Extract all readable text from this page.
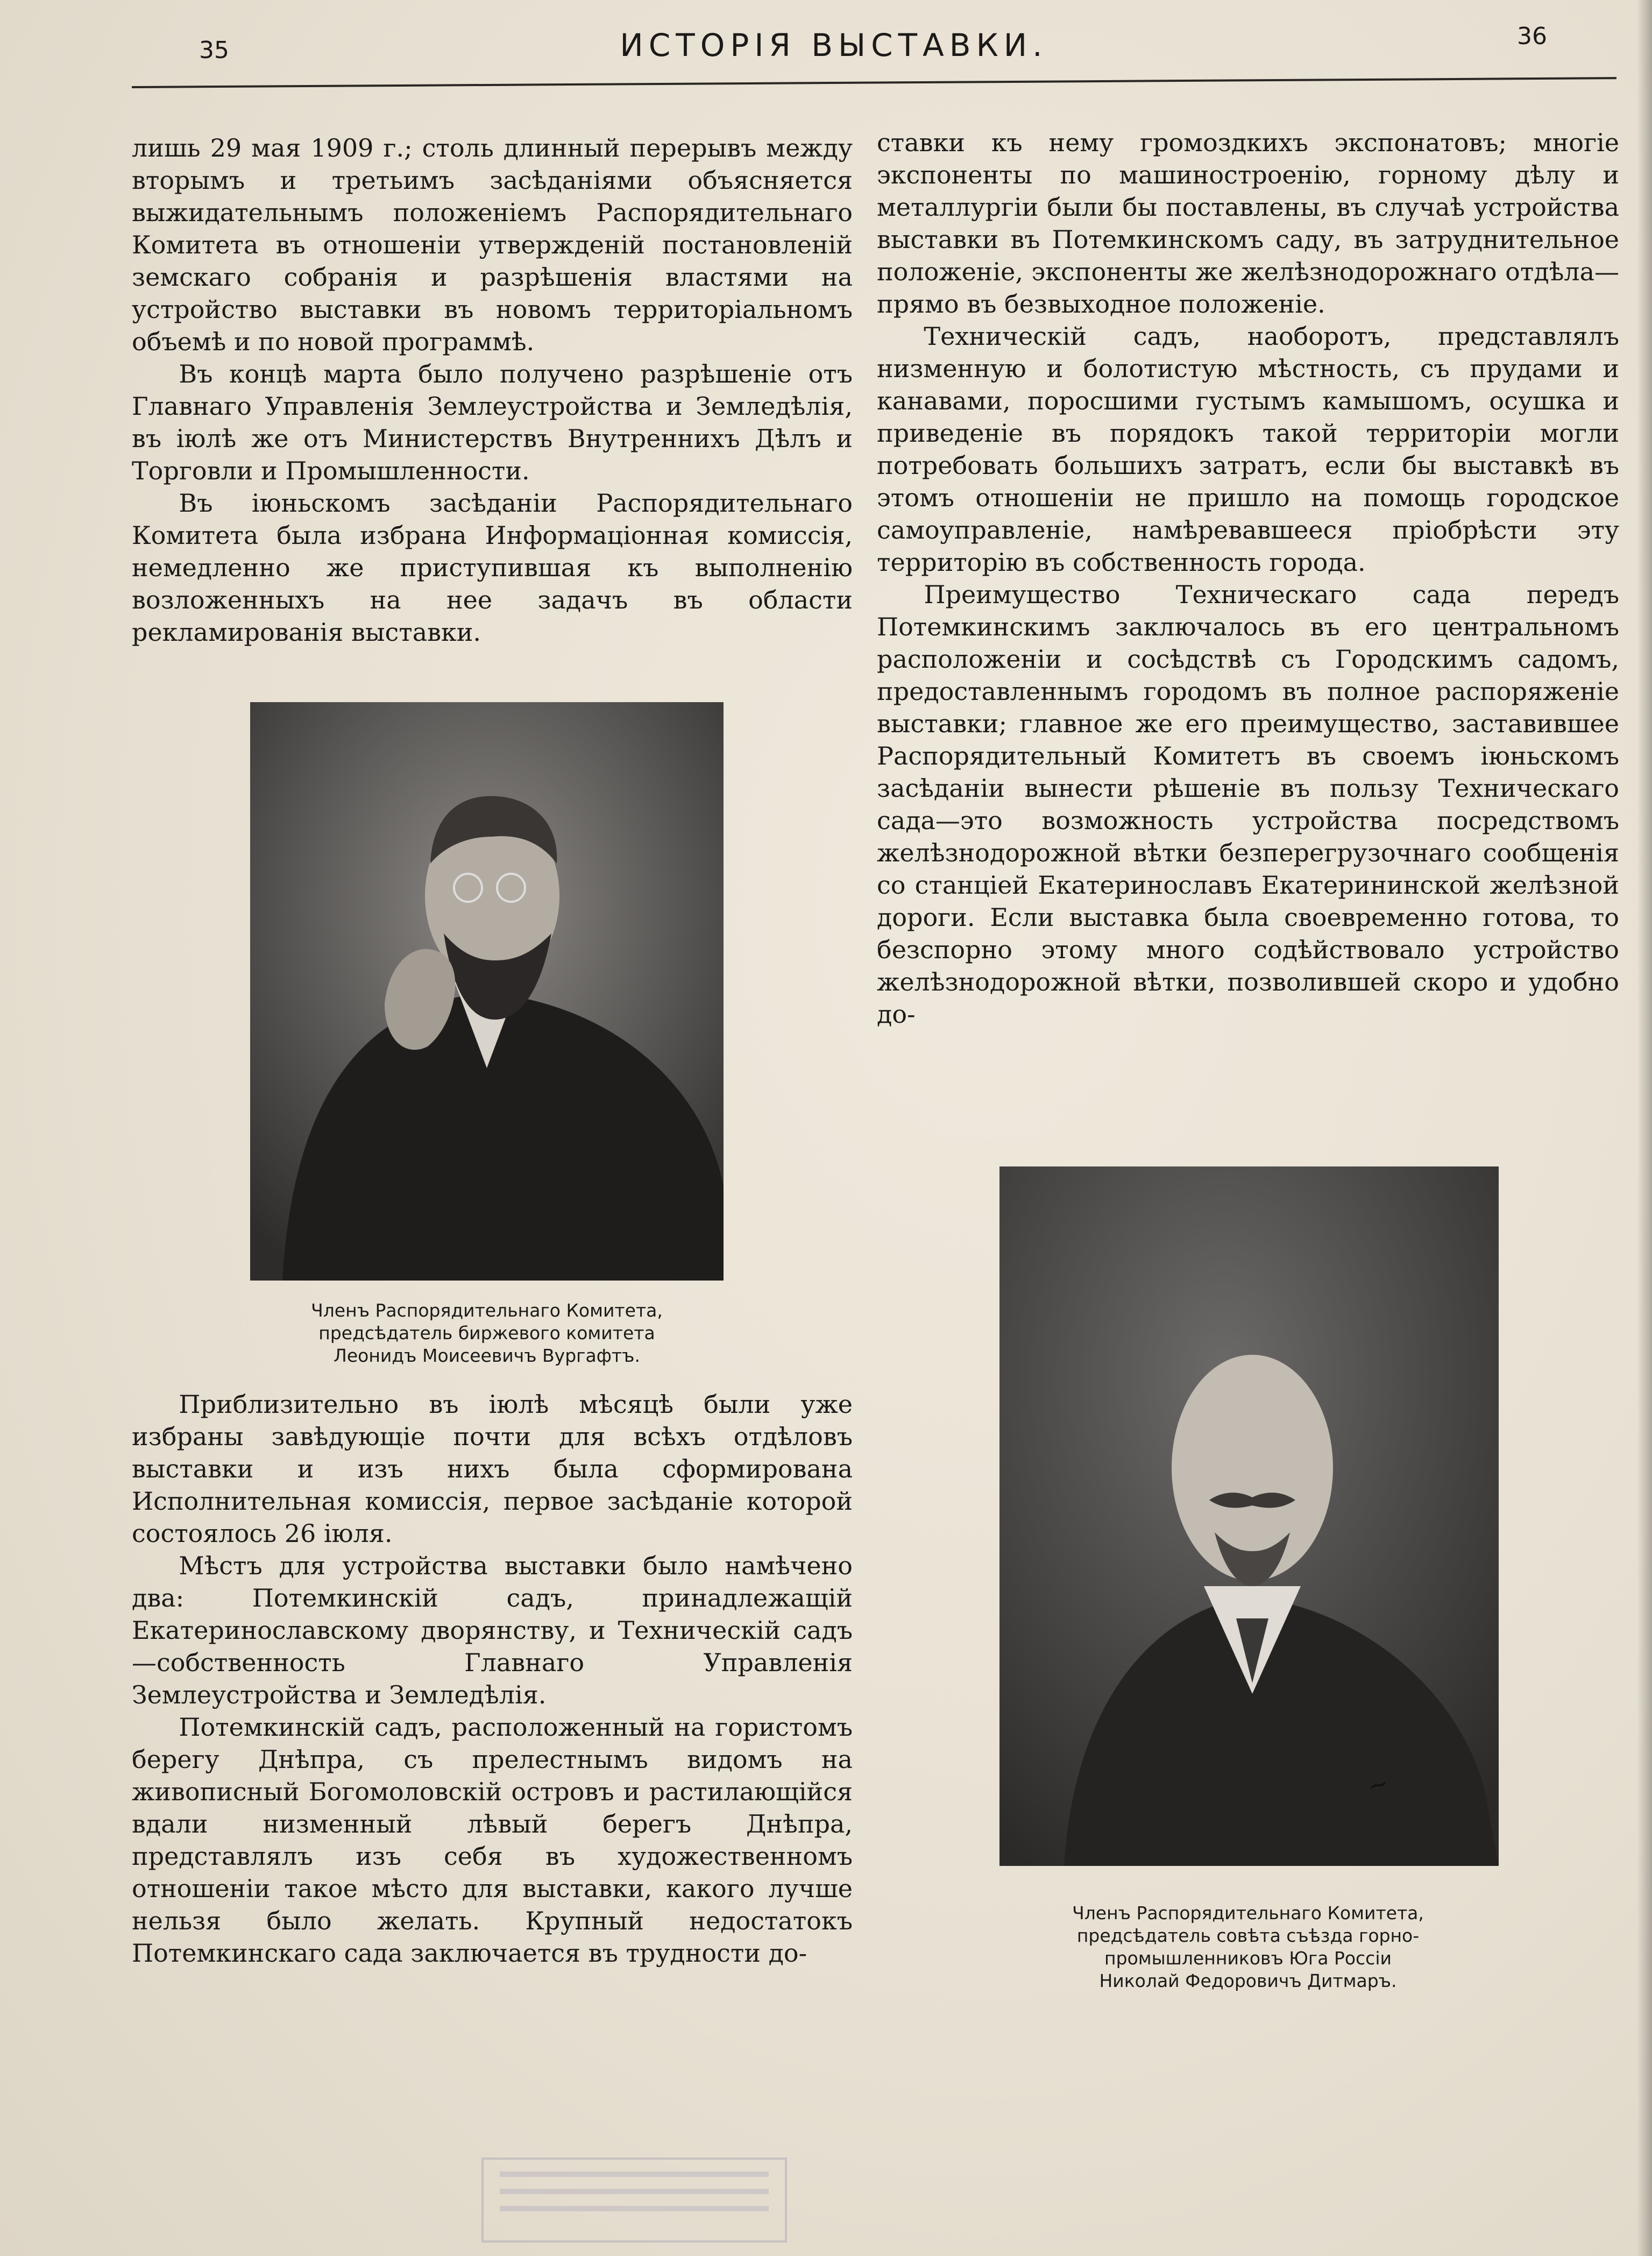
35	ИСТОРІЯ ВЫСТАВКИ.	36

лишь 29 мая 1909 г.; столь длинный перерывъ между вторымъ и третьимъ засѣданіями объясняется выжидательнымъ положеніемъ Распорядительнаго Комитета въ отношеніи утвержденій постановленій земскаго собранія и разрѣшенія властями на устройство выставки въ новомъ территоріальномъ объемѣ и по новой программѣ.

Въ концѣ марта было получено разрѣшеніе отъ Главнаго Управленія Землеустройства и Земледѣлія, въ іюлѣ же отъ Министерствъ Внутреннихъ Дѣлъ и Торговли и Промышленности.

Въ іюньскомъ засѣданіи Распорядительнаго Комитета была избрана Информаціонная комиссія, немедленно же приступившая къ выполненію возложенныхъ на нее задачъ въ области рекламированія выставки.

Членъ Распорядительнаго Комитета,
предсѣдатель биржевого комитета
Леонидъ Моисеевичъ Вургафтъ.

Приблизительно въ іюлѣ мѣсяцѣ были уже избраны завѣдующіе почти для всѣхъ отдѣловъ выставки и изъ нихъ была сформирована Исполнительная комиссія, первое засѣданіе которой состоялось 26 іюля.

Мѣстъ для устройства выставки было намѣчено два: Потемкинскій садъ, принадлежащій Екатеринославскому дворянству, и Техническій садъ—собственность Главнаго Управленія Землеустройства и Земледѣлія.

Потемкинскій садъ, расположенный на гористомъ берегу Днѣпра, съ прелестнымъ видомъ на живописный Богомоловскій островъ и растилающійся вдали низменный лѣвый берегъ Днѣпра, представлялъ изъ себя въ художественномъ отношеніи такое мѣсто для выставки, какого лучше нельзя было желать. Крупный недостатокъ Потемкинскаго сада заключается въ трудности до-

ставки къ нему громоздкихъ экспонатовъ; многіе экспоненты по машиностроенію, горному дѣлу и металлургіи были бы поставлены, въ случаѣ устройства выставки въ Потемкинскомъ саду, въ затруднительное положеніе, экспоненты же желѣзнодорожнаго отдѣла—прямо въ безвыходное положеніе.

Техническій садъ, наоборотъ, представлялъ низменную и болотистую мѣстность, съ прудами и канавами, поросшими густымъ камышомъ, осушка и приведеніе въ порядокъ такой территоріи могли потребовать большихъ затратъ, если бы выставкѣ въ этомъ отношеніи не пришло на помощь городское самоуправленіе, намѣревавшееся пріобрѣсти эту территорію въ собственность города.

Преимущество Техническаго сада передъ Потемкинскимъ заключалось въ его центральномъ расположеніи и сосѣдствѣ съ Городскимъ садомъ, предоставленнымъ городомъ въ полное распоряженіе выставки; главное же его преимущество, заставившее Распорядительный Комитетъ въ своемъ іюньскомъ засѣданіи вынести рѣшеніе въ пользу Техническаго сада—это возможность устройства посредствомъ желѣзнодорожной вѣтки безперегрузочнаго сообщенія со станціей Екатеринославъ Екатерининской желѣзной дороги. Если выставка была своевременно готова, то безспорно этому много содѣйствовало устройство желѣзнодорожной вѣтки, позволившей скоро и удобно до-

~
Членъ Распорядительнаго Комитета,
предсѣдатель совѣта съѣзда горно-
промышленниковъ Юга Россіи
Николай Федоровичъ Дитмаръ.
